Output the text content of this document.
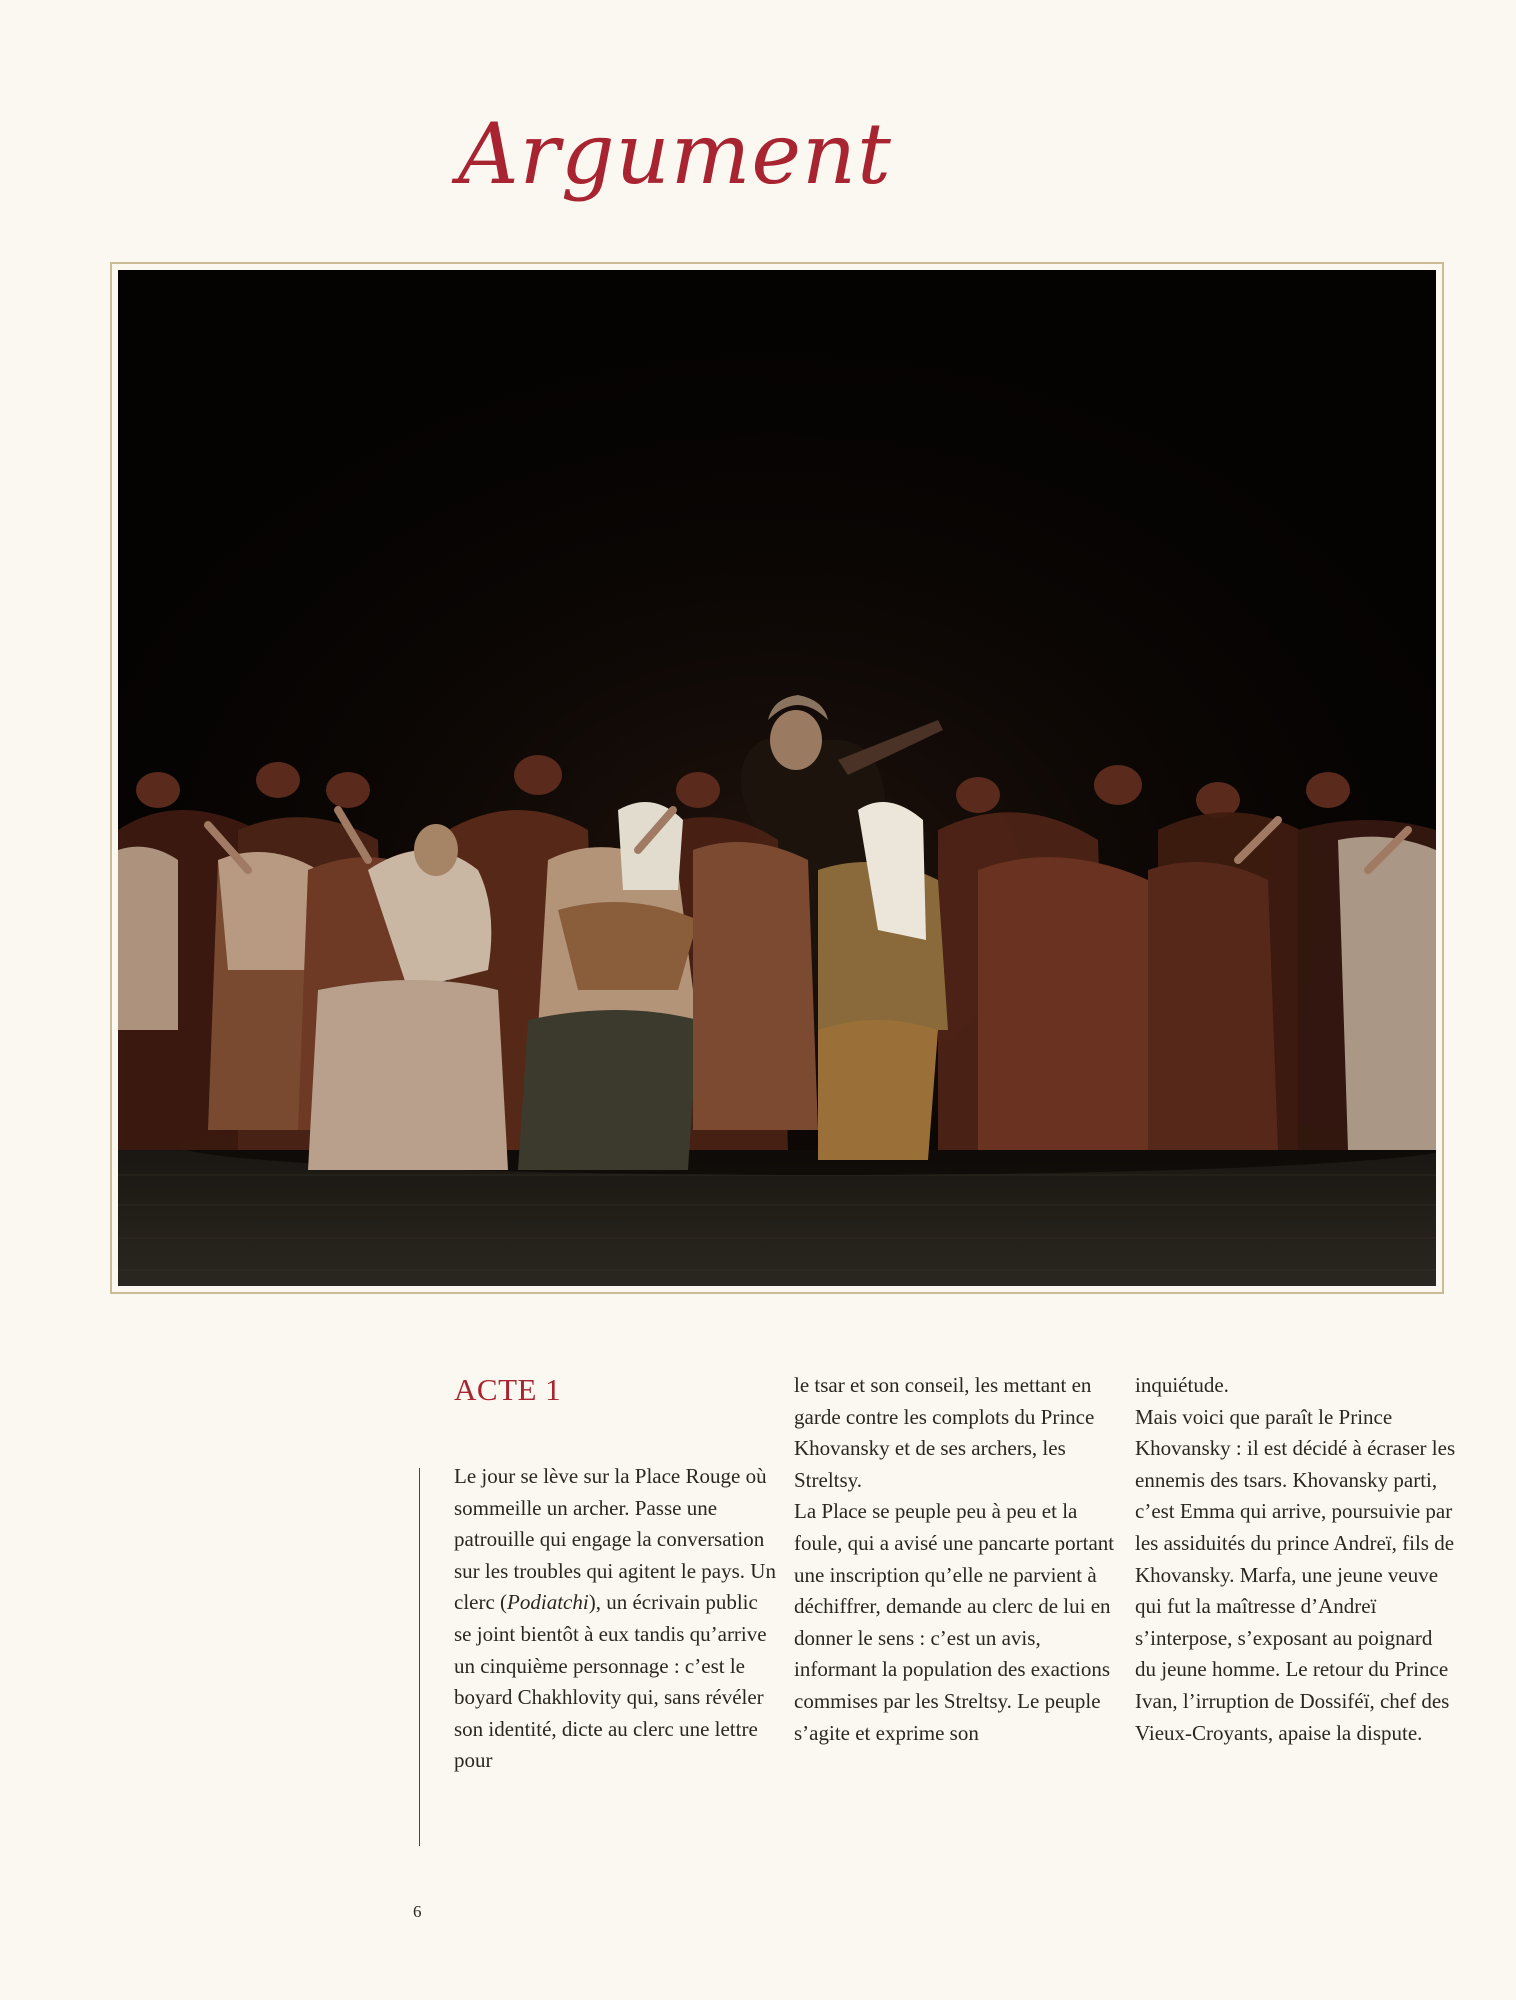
Argument
ACTE 1

Le jour se lève sur la Place Rouge où sommeille un archer. Passe une patrouille qui engage la conversation sur les troubles qui agitent le pays. Un clerc (Podiatchi), un écrivain public se joint bientôt à eux tandis qu’arrive un cinquième personnage : c’est le boyard Chakhlovity qui, sans révéler son identité, dicte au clerc une lettre pour

le tsar et son conseil, les mettant en garde contre les complots du Prince Khovansky et de ses archers, les Streltsy.

La Place se peuple peu à peu et la foule, qui a avisé une pancarte portant une inscription qu’elle ne parvient à déchiffrer, demande au clerc de lui en donner le sens : c’est un avis, informant la population des exactions commises par les Streltsy. Le peuple s’agite et exprime son

inquiétude.

Mais voici que paraît le Prince Khovansky : il est décidé à écraser les ennemis des tsars. Khovansky parti, c’est Emma qui arrive, poursuivie par les assiduités du prince Andreï, fils de Khovansky. Marfa, une jeune veuve qui fut la maîtresse d’Andreï s’interpose, s’exposant au poignard du jeune homme. Le retour du Prince Ivan, l’irruption de Dossiféï, chef des Vieux-Croyants, apaise la dispute.

6
